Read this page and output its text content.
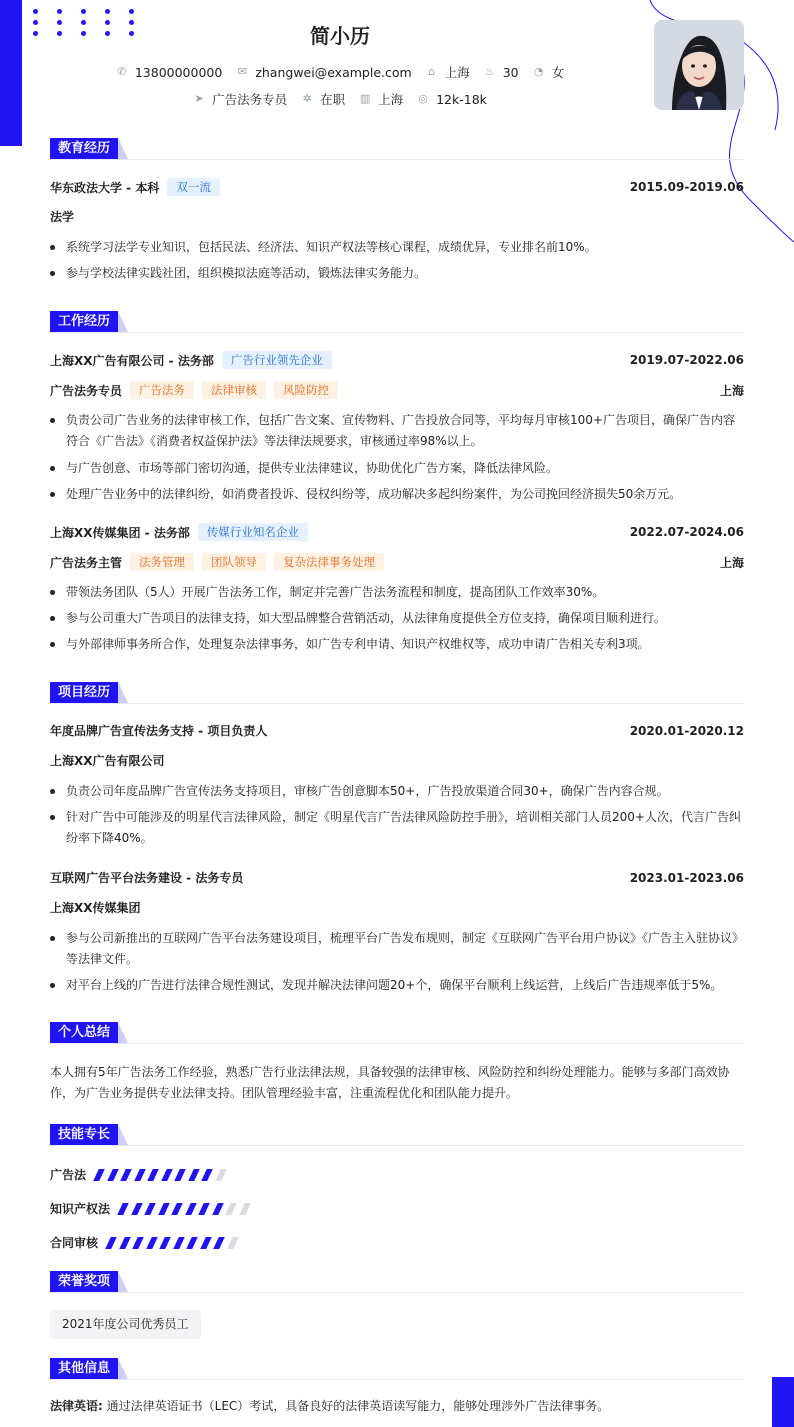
简小历
✆ 13800000000 ✉ zhangwei@example.com ⌂ 上海 ♨ 30 ◔ 女
➤ 广告法务专员 ✲ 在职 ▥ 上海 ◎ 12k-18k
教育经历
华东政法大学 - 本科	双一流	2015.09-2019.06
法学
系统学习法学专业知识，包括民法、经济法、知识产权法等核心课程，成绩优异，专业排名前10%。
参与学校法律实践社团，组织模拟法庭等活动，锻炼法律实务能力。
工作经历
上海XX广告有限公司 - 法务部	广告行业领先企业	2019.07-2022.06
广告法务专员	广告法务	法律审核	风险防控	上海
负责公司广告业务的法律审核工作，包括广告文案、宣传物料、广告投放合同等，平均每月审核100+广告项目，确保广告内容符合《广告法》《消费者权益保护法》等法律法规要求，审核通过率98%以上。
与广告创意、市场等部门密切沟通，提供专业法律建议，协助优化广告方案，降低法律风险。
处理广告业务中的法律纠纷，如消费者投诉、侵权纠纷等，成功解决多起纠纷案件，为公司挽回经济损失50余万元。
上海XX传媒集团 - 法务部	传媒行业知名企业	2022.07-2024.06
广告法务主管	法务管理	团队领导	复杂法律事务处理	上海
带领法务团队（5人）开展广告法务工作，制定并完善广告法务流程和制度，提高团队工作效率30%。
参与公司重大广告项目的法律支持，如大型品牌整合营销活动，从法律角度提供全方位支持，确保项目顺利进行。
与外部律师事务所合作，处理复杂法律事务，如广告专利申请、知识产权维权等，成功申请广告相关专利3项。
项目经历
年度品牌广告宣传法务支持 - 项目负责人	2020.01-2020.12
上海XX广告有限公司
负责公司年度品牌广告宣传法务支持项目，审核广告创意脚本50+，广告投放渠道合同30+，确保广告内容合规。
针对广告中可能涉及的明星代言法律风险，制定《明星代言广告法律风险防控手册》，培训相关部门人员200+人次，代言广告纠纷率下降40%。
互联网广告平台法务建设 - 法务专员	2023.01-2023.06
上海XX传媒集团
参与公司新推出的互联网广告平台法务建设项目，梳理平台广告发布规则，制定《互联网广告平台用户协议》《广告主入驻协议》等法律文件。
对平台上线的广告进行法律合规性测试，发现并解决法律问题20+个，确保平台顺利上线运营，上线后广告违规率低于5%。
个人总结
本人拥有5年广告法务工作经验，熟悉广告行业法律法规，具备较强的法律审核、风险防控和纠纷处理能力。能够与多部门高效协作，为广告业务提供专业法律支持。团队管理经验丰富，注重流程优化和团队能力提升。
技能专长
广告法
知识产权法
合同审核
荣誉奖项
2021年度公司优秀员工
其他信息
法律英语: 通过法律英语证书（LEC）考试，具备良好的法律英语读写能力，能够处理涉外广告法律事务。
